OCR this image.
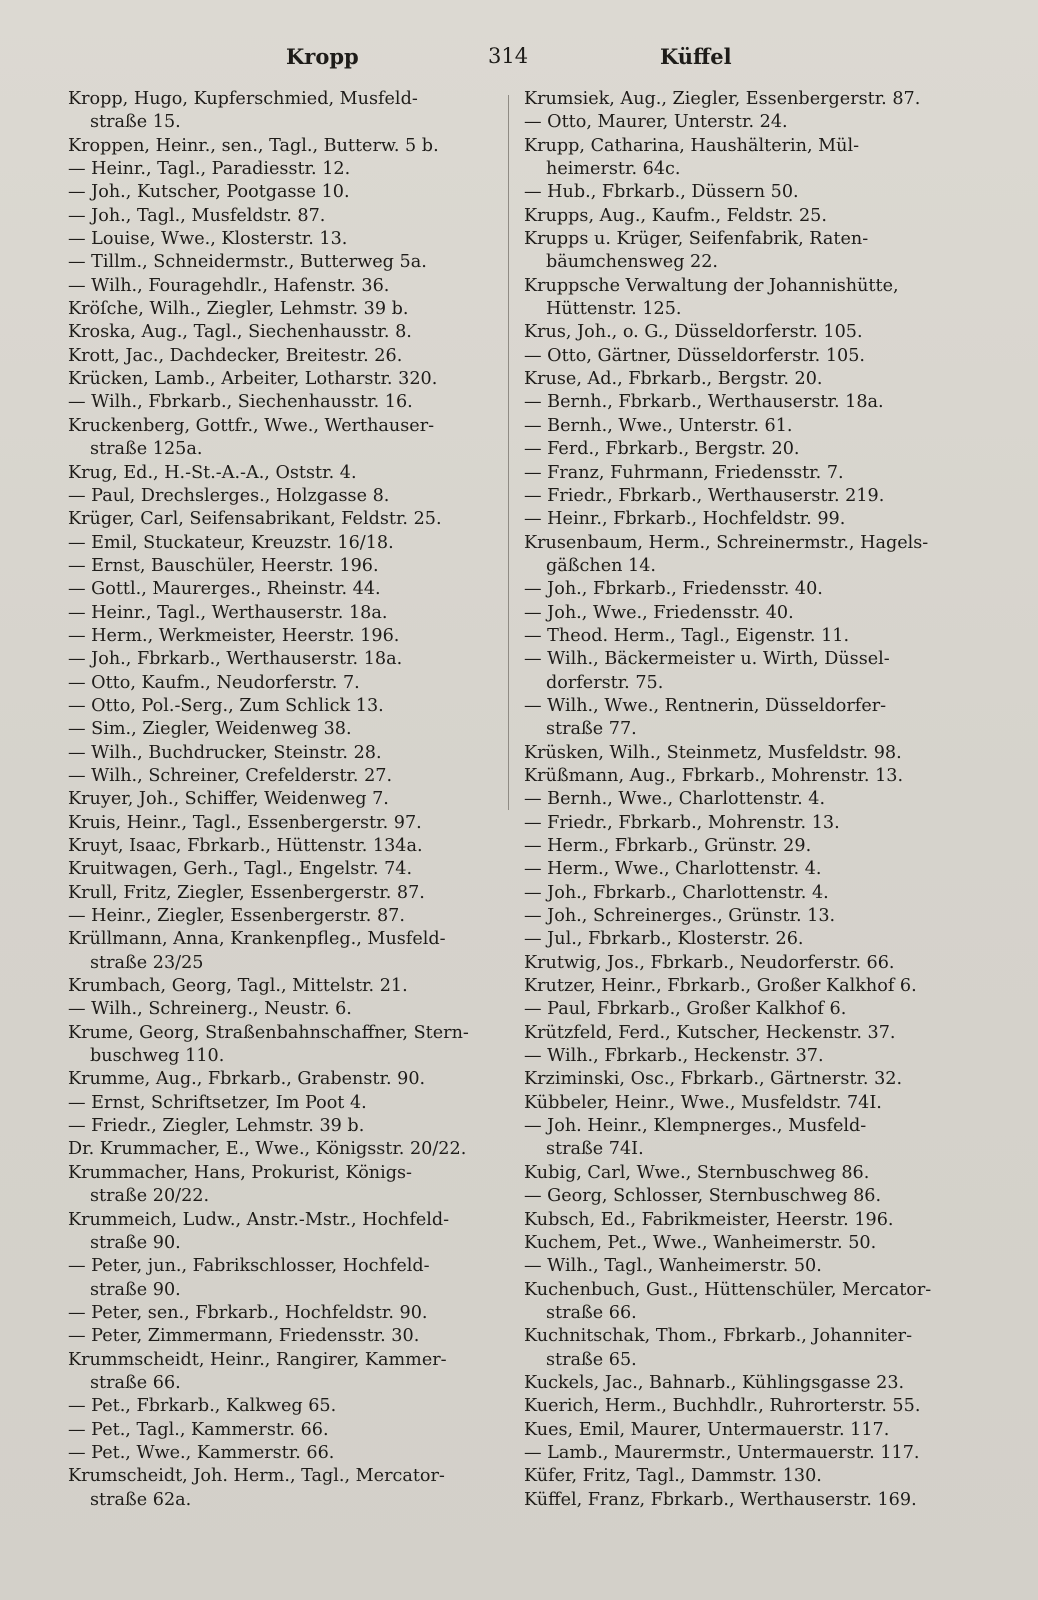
Kropp	314	Küffel
Kropp, Hugo, Kupferschmied, Musfeld-
straße 15.
Kroppen, Heinr., sen., Tagl., Butterw. 5 b.
— Heinr., Tagl., Paradiesstr. 12.
— Joh., Kutscher, Pootgasse 10.
— Joh., Tagl., Musfeldstr. 87.
— Louise, Wwe., Klosterstr. 13.
— Tillm., Schneidermstr., Butterweg 5a.
— Wilh., Fouragehdlr., Hafenstr. 36.
Kröſche, Wilh., Ziegler, Lehmstr. 39 b.
Kroska, Aug., Tagl., Siechenhausstr. 8.
Krott, Jac., Dachdecker, Breitestr. 26.
Krücken, Lamb., Arbeiter, Lotharstr. 320.
— Wilh., Fbrkarb., Siechenhausstr. 16.
Kruckenberg, Gottfr., Wwe., Werthauser-
straße 125a.
Krug, Ed., H.-St.-A.-A., Oststr. 4.
— Paul, Drechslerges., Holzgasse 8.
Krüger, Carl, Seifensabrikant, Feldstr. 25.
— Emil, Stuckateur, Kreuzstr. 16/18.
— Ernst, Bauschüler, Heerstr. 196.
— Gottl., Maurerges., Rheinstr. 44.
— Heinr., Tagl., Werthauserstr. 18a.
— Herm., Werkmeister, Heerstr. 196.
— Joh., Fbrkarb., Werthauserstr. 18a.
— Otto, Kaufm., Neudorferstr. 7.
— Otto, Pol.-Serg., Zum Schlick 13.
— Sim., Ziegler, Weidenweg 38.
— Wilh., Buchdrucker, Steinstr. 28.
— Wilh., Schreiner, Crefelderstr. 27.
Kruyer, Joh., Schiffer, Weidenweg 7.
Kruis, Heinr., Tagl., Essenbergerstr. 97.
Kruyt, Isaac, Fbrkarb., Hüttenstr. 134a.
Kruitwagen, Gerh., Tagl., Engelstr. 74.
Krull, Fritz, Ziegler, Essenbergerstr. 87.
— Heinr., Ziegler, Essenbergerstr. 87.
Krüllmann, Anna, Krankenpfleg., Musfeld-
straße 23/25
Krumbach, Georg, Tagl., Mittelstr. 21.
— Wilh., Schreinerg., Neustr. 6.
Krume, Georg, Straßenbahnschaffner, Stern-
buschweg 110.
Krumme, Aug., Fbrkarb., Grabenstr. 90.
— Ernst, Schriftsetzer, Im Poot 4.
— Friedr., Ziegler, Lehmstr. 39 b.
Dr. Krummacher, E., Wwe., Königsstr. 20/22.
Krummacher, Hans, Prokurist, Königs-
straße 20/22.
Krummeich, Ludw., Anstr.-Mstr., Hochfeld-
straße 90.
— Peter, jun., Fabrikschlosser, Hochfeld-
straße 90.
— Peter, sen., Fbrkarb., Hochfeldstr. 90.
— Peter, Zimmermann, Friedensstr. 30.
Krummscheidt, Heinr., Rangirer, Kammer-
straße 66.
— Pet., Fbrkarb., Kalkweg 65.
— Pet., Tagl., Kammerstr. 66.
— Pet., Wwe., Kammerstr. 66.
Krumscheidt, Joh. Herm., Tagl., Mercator-
straße 62a.
Krumsiek, Aug., Ziegler, Essenbergerstr. 87.
— Otto, Maurer, Unterstr. 24.
Krupp, Catharina, Haushälterin, Mül-
heimerstr. 64c.
— Hub., Fbrkarb., Düssern 50.
Krupps, Aug., Kaufm., Feldstr. 25.
Krupps u. Krüger, Seifenfabrik, Raten-
bäumchensweg 22.
Kruppsche Verwaltung der Johannishütte,
Hüttenstr. 125.
Krus, Joh., o. G., Düsseldorferstr. 105.
— Otto, Gärtner, Düsseldorferstr. 105.
Kruse, Ad., Fbrkarb., Bergstr. 20.
— Bernh., Fbrkarb., Werthauserstr. 18a.
— Bernh., Wwe., Unterstr. 61.
— Ferd., Fbrkarb., Bergstr. 20.
— Franz, Fuhrmann, Friedensstr. 7.
— Friedr., Fbrkarb., Werthauserstr. 219.
— Heinr., Fbrkarb., Hochfeldstr. 99.
Krusenbaum, Herm., Schreinermstr., Hagels-
gäßchen 14.
— Joh., Fbrkarb., Friedensstr. 40.
— Joh., Wwe., Friedensstr. 40.
— Theod. Herm., Tagl., Eigenstr. 11.
— Wilh., Bäckermeister u. Wirth, Düssel-
dorferstr. 75.
— Wilh., Wwe., Rentnerin, Düsseldorfer-
straße 77.
Krüsken, Wilh., Steinmetz, Musfeldstr. 98.
Krüßmann, Aug., Fbrkarb., Mohrenstr. 13.
— Bernh., Wwe., Charlottenstr. 4.
— Friedr., Fbrkarb., Mohrenstr. 13.
— Herm., Fbrkarb., Grünstr. 29.
— Herm., Wwe., Charlottenstr. 4.
— Joh., Fbrkarb., Charlottenstr. 4.
— Joh., Schreinerges., Grünstr. 13.
— Jul., Fbrkarb., Klosterstr. 26.
Krutwig, Jos., Fbrkarb., Neudorferstr. 66.
Krutzer, Heinr., Fbrkarb., Großer Kalkhof 6.
— Paul, Fbrkarb., Großer Kalkhof 6.
Krützfeld, Ferd., Kutscher, Heckenstr. 37.
— Wilh., Fbrkarb., Heckenstr. 37.
Krziminski, Osc., Fbrkarb., Gärtnerstr. 32.
Kübbeler, Heinr., Wwe., Musfeldstr. 74I.
— Joh. Heinr., Klempnerges., Musfeld-
straße 74I.
Kubig, Carl, Wwe., Sternbuschweg 86.
— Georg, Schlosser, Sternbuschweg 86.
Kubsch, Ed., Fabrikmeister, Heerstr. 196.
Kuchem, Pet., Wwe., Wanheimerstr. 50.
— Wilh., Tagl., Wanheimerstr. 50.
Kuchenbuch, Gust., Hüttenschüler, Mercator-
straße 66.
Kuchnitschak, Thom., Fbrkarb., Johanniter-
straße 65.
Kuckels, Jac., Bahnarb., Kühlingsgasse 23.
Kuerich, Herm., Buchhdlr., Ruhrorterstr. 55.
Kues, Emil, Maurer, Untermauerstr. 117.
— Lamb., Maurermstr., Untermauerstr. 117.
Küfer, Fritz, Tagl., Dammstr. 130.
Küffel, Franz, Fbrkarb., Werthauserstr. 169.
